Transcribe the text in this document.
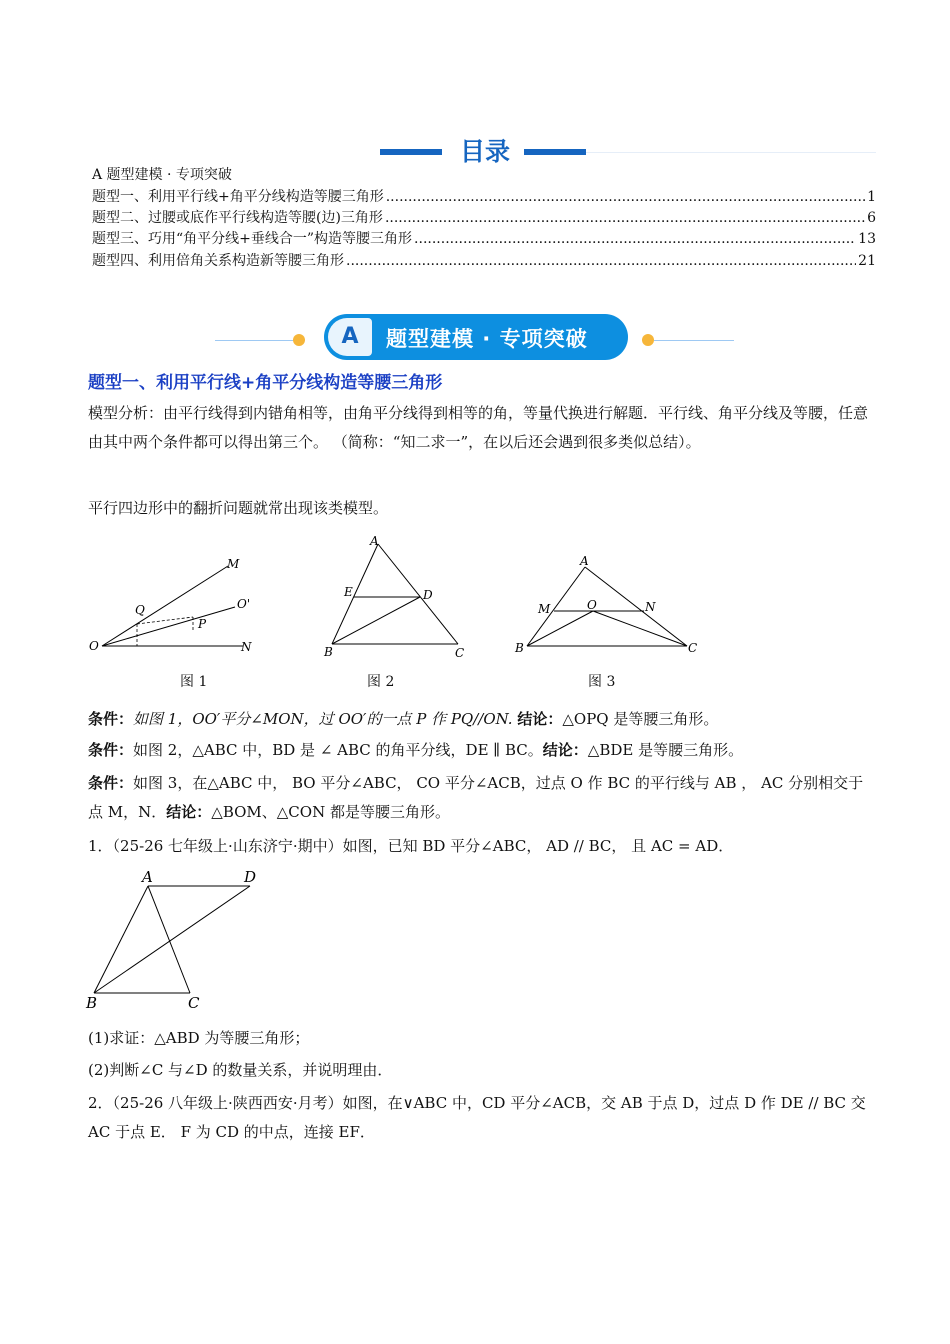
目录
A 题型建模 · 专项突破
题型一、利用平行线+角平分线构造等腰三角形 .....	1
题型二、过腰或底作平行线构造等腰(边)三角形 .....	6
题型三、巧用“角平分线+垂线合一”构造等腰三角形 .....	13
题型四、利用倍角关系构造新等腰三角形 .....	21
A	题型建模 · 专项突破
题型一、利用平行线+角平分线构造等腰三角形
模型分析：由平行线得到内错角相等，由角平分线得到相等的角，等量代换进行解题．平行线、角平分线及等腰，任意由其中两个条件都可以得出第三个。 （简称：“知二求一”，在以后还会遇到很多类似总结）。
平行四边形中的翻折问题就常出现该类模型。
M
O'
Q
P
O	N
图 1
A
E	D
B	C
图 2
A
M	O	N
B	C
图 3
条件：如图 1，OO′平分∠MON，过 OO′的一点 P 作 PQ//ON. 结论：△OPQ 是等腰三角形。
条件：如图 2，△ABC 中，BD 是 ∠ ABC 的角平分线，DE ∥ BC。结论：△BDE 是等腰三角形。
条件：如图 3，在△ABC 中， BO 平分∠ABC， CO 平分∠ACB，过点 O 作 BC 的平行线与 AB ， AC 分别相交于点 M，N．结论：△BOM、△CON 都是等腰三角形。
1．（25-26 七年级上·山东济宁·期中）如图，已知 BD 平分∠ABC， AD // BC， 且 AC = AD．
A	D
B	C
(1)求证：△ABD 为等腰三角形；
(2)判断∠C 与∠D 的数量关系，并说明理由．
2．（25-26 八年级上·陕西西安·月考）如图，在∨ABC 中，CD 平分∠ACB，交 AB 于点 D，过点 D 作 DE // BC 交 AC 于点 E． F 为 CD 的中点，连接 EF．
